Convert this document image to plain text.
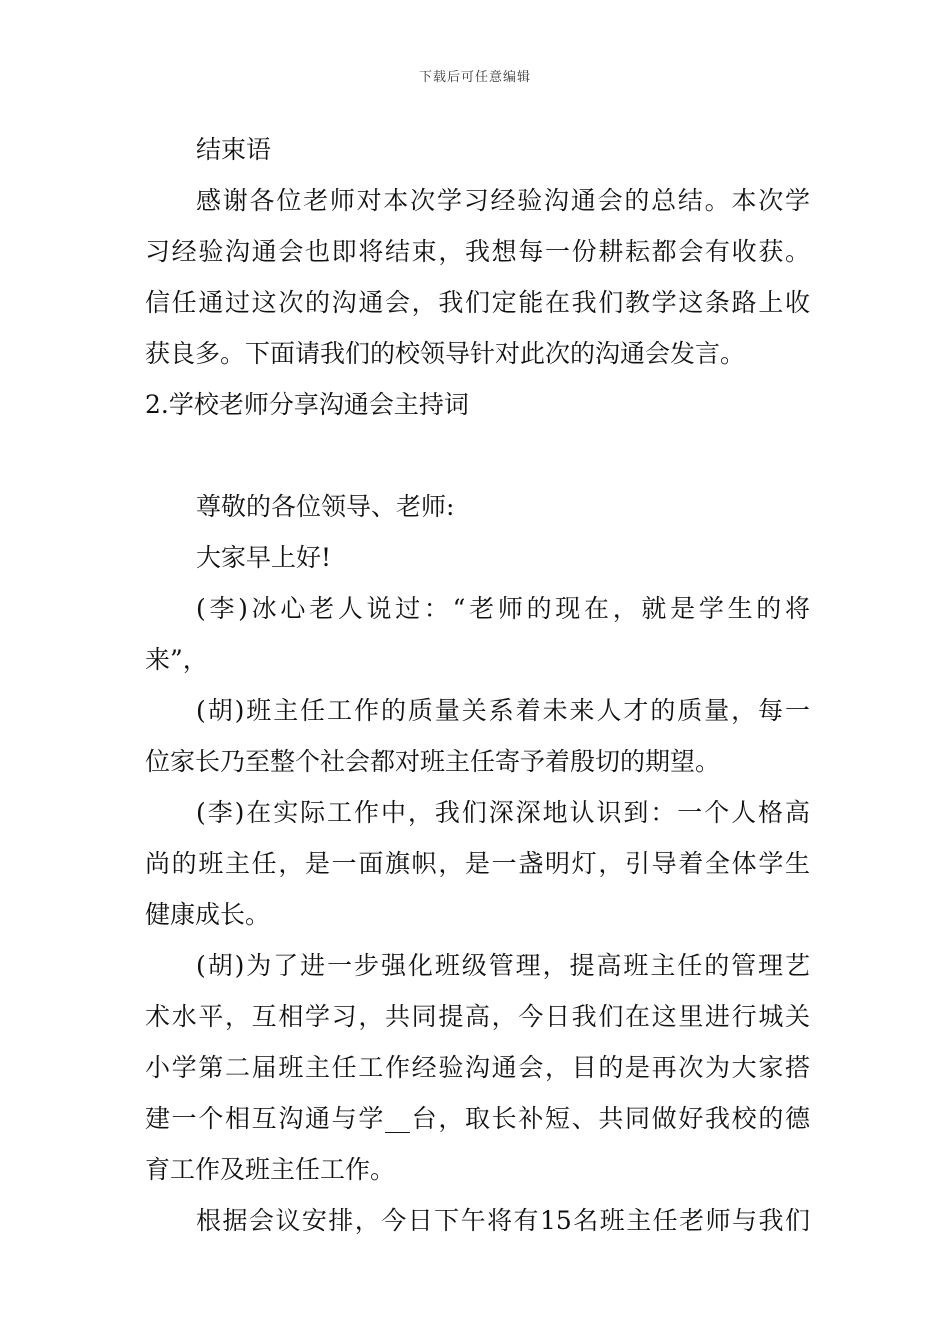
下载后可任意编辑
结束语
感谢各位老师对本次学习经验沟通会的总结。本次学
习经验沟通会也即将结束，我想每一份耕耘都会有收获。
信任通过这次的沟通会，我们定能在我们教学这条路上收
获良多。下面请我们的校领导针对此次的沟通会发言。
2.学校老师分享沟通会主持词
尊敬的各位领导、老师:
大家早上好!
(李)冰心老人说过：“老师的现在，就是学生的将
来”，
(胡)班主任工作的质量关系着未来人才的质量，每一
位家长乃至整个社会都对班主任寄予着殷切的期望。
(李)在实际工作中，我们深深地认识到：一个人格高
尚的班主任，是一面旗帜，是一盏明灯，引导着全体学生
健康成长。
(胡)为了进一步强化班级管理，提高班主任的管理艺
术水平，互相学习，共同提高，今日我们在这里进行城关
小学第二届班主任工作经验沟通会，目的是再次为大家搭
建一个相互沟通与学__台，取长补短、共同做好我校的德
育工作及班主任工作。
根据会议安排，今日下午将有15名班主任老师与我们
